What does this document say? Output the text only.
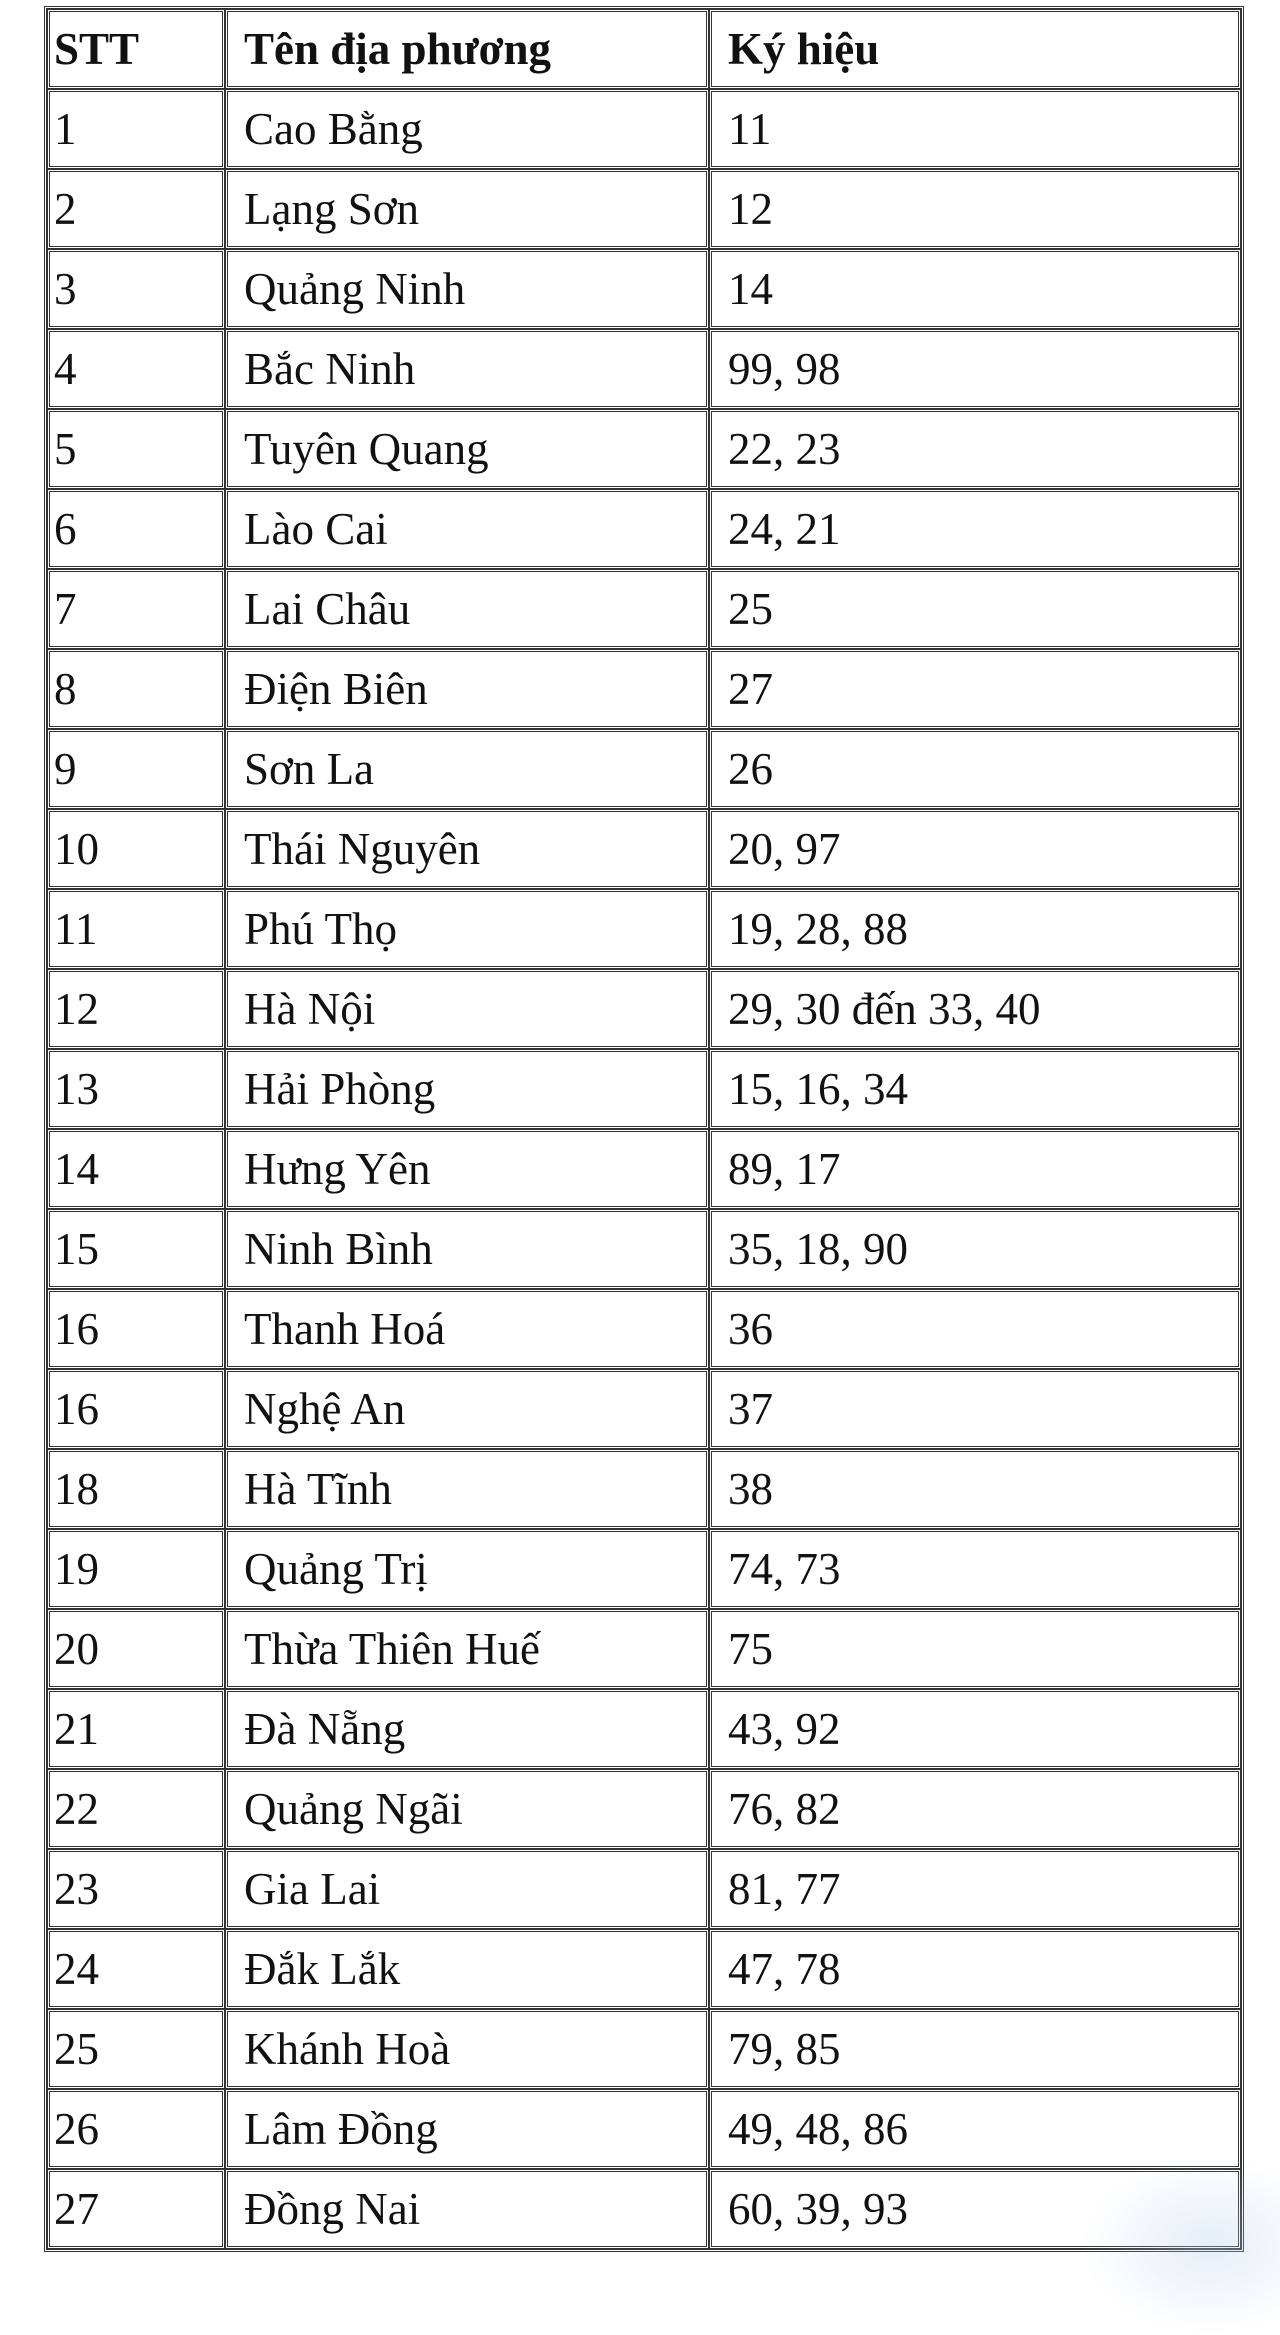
STT	Tên địa phương	Ký hiệu
1	Cao Bằng	11
2	Lạng Sơn	12
3	Quảng Ninh	14
4	Bắc Ninh	99, 98
5	Tuyên Quang	22, 23
6	Lào Cai	24, 21
7	Lai Châu	25
8	Điện Biên	27
9	Sơn La	26
10	Thái Nguyên	20, 97
11	Phú Thọ	19, 28, 88
12	Hà Nội	29, 30 đến 33, 40
13	Hải Phòng	15, 16, 34
14	Hưng Yên	89, 17
15	Ninh Bình	35, 18, 90
16	Thanh Hoá	36
16	Nghệ An	37
18	Hà Tĩnh	38
19	Quảng Trị	74, 73
20	Thừa Thiên Huế	75
21	Đà Nẵng	43, 92
22	Quảng Ngãi	76, 82
23	Gia Lai	81, 77
24	Đắk Lắk	47, 78
25	Khánh Hoà	79, 85
26	Lâm Đồng	49, 48, 86
27	Đồng Nai	60, 39, 93
